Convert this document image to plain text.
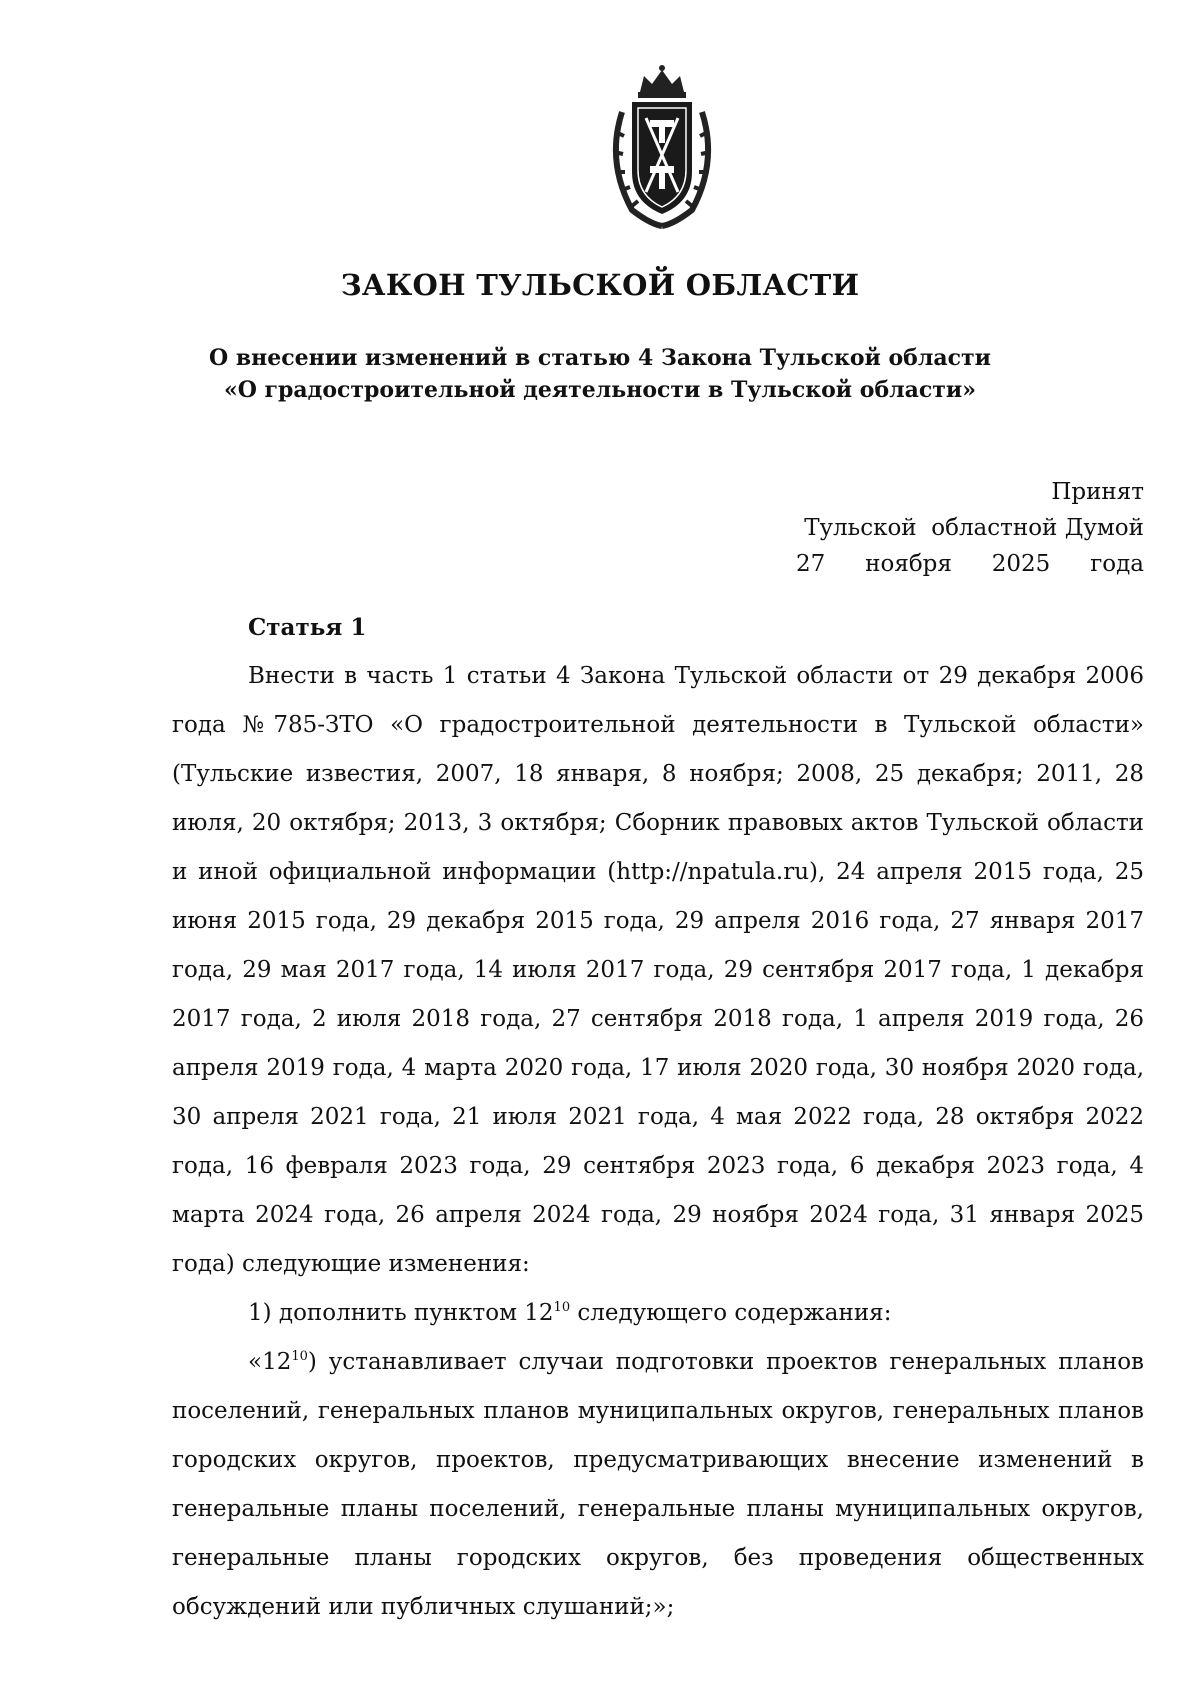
ЗАКОН ТУЛЬСКОЙ ОБЛАСТИ
О внесении изменений в статью 4 Закона Тульской области
«О градостроительной деятельности в Тульской области»
Принят
Тульской  областной Думой
27 ноября 2025 года
Статья 1

Внести в часть 1 статьи 4 Закона Тульской области от 29 декабря 2006 года №785-ЗТО «О градостроительной деятельности в Тульской области» (Тульские известия, 2007, 18 января, 8 ноября; 2008, 25 декабря; 2011, 28 июля, 20 октября; 2013, 3 октября; Сборник правовых актов Тульской области и иной официальной информации (http://npatula.ru), 24 апреля 2015 года, 25 июня 2015 года, 29 декабря 2015 года, 29 апреля 2016 года, 27 января 2017 года, 29 мая 2017 года, 14 июля 2017 года, 29 сентября 2017 года, 1 декабря 2017 года, 2 июля 2018 года, 27 сентября 2018 года, 1 апреля 2019 года, 26 апреля 2019 года, 4 марта 2020 года, 17 июля 2020 года, 30 ноября 2020 года, 30 апреля 2021 года, 21 июля 2021 года, 4 мая 2022 года, 28 октября 2022 года, 16 февраля 2023 года, 29 сентября 2023 года, 6 декабря 2023 года, 4 марта 2024 года, 26 апреля 2024 года, 29 ноября 2024 года, 31 января 2025 года) следующие изменения:

1) дополнить пунктом $12^{10}$ следующего содержания:

«$12^{10}$) устанавливает случаи подготовки проектов генеральных планов поселений, генеральных планов муниципальных округов, генеральных планов городских округов, проектов, предусматривающих внесение изменений в генеральные планы поселений, генеральные планы муниципальных округов, генеральные планы городских округов, без проведения общественных обсуждений или публичных слушаний;»;
